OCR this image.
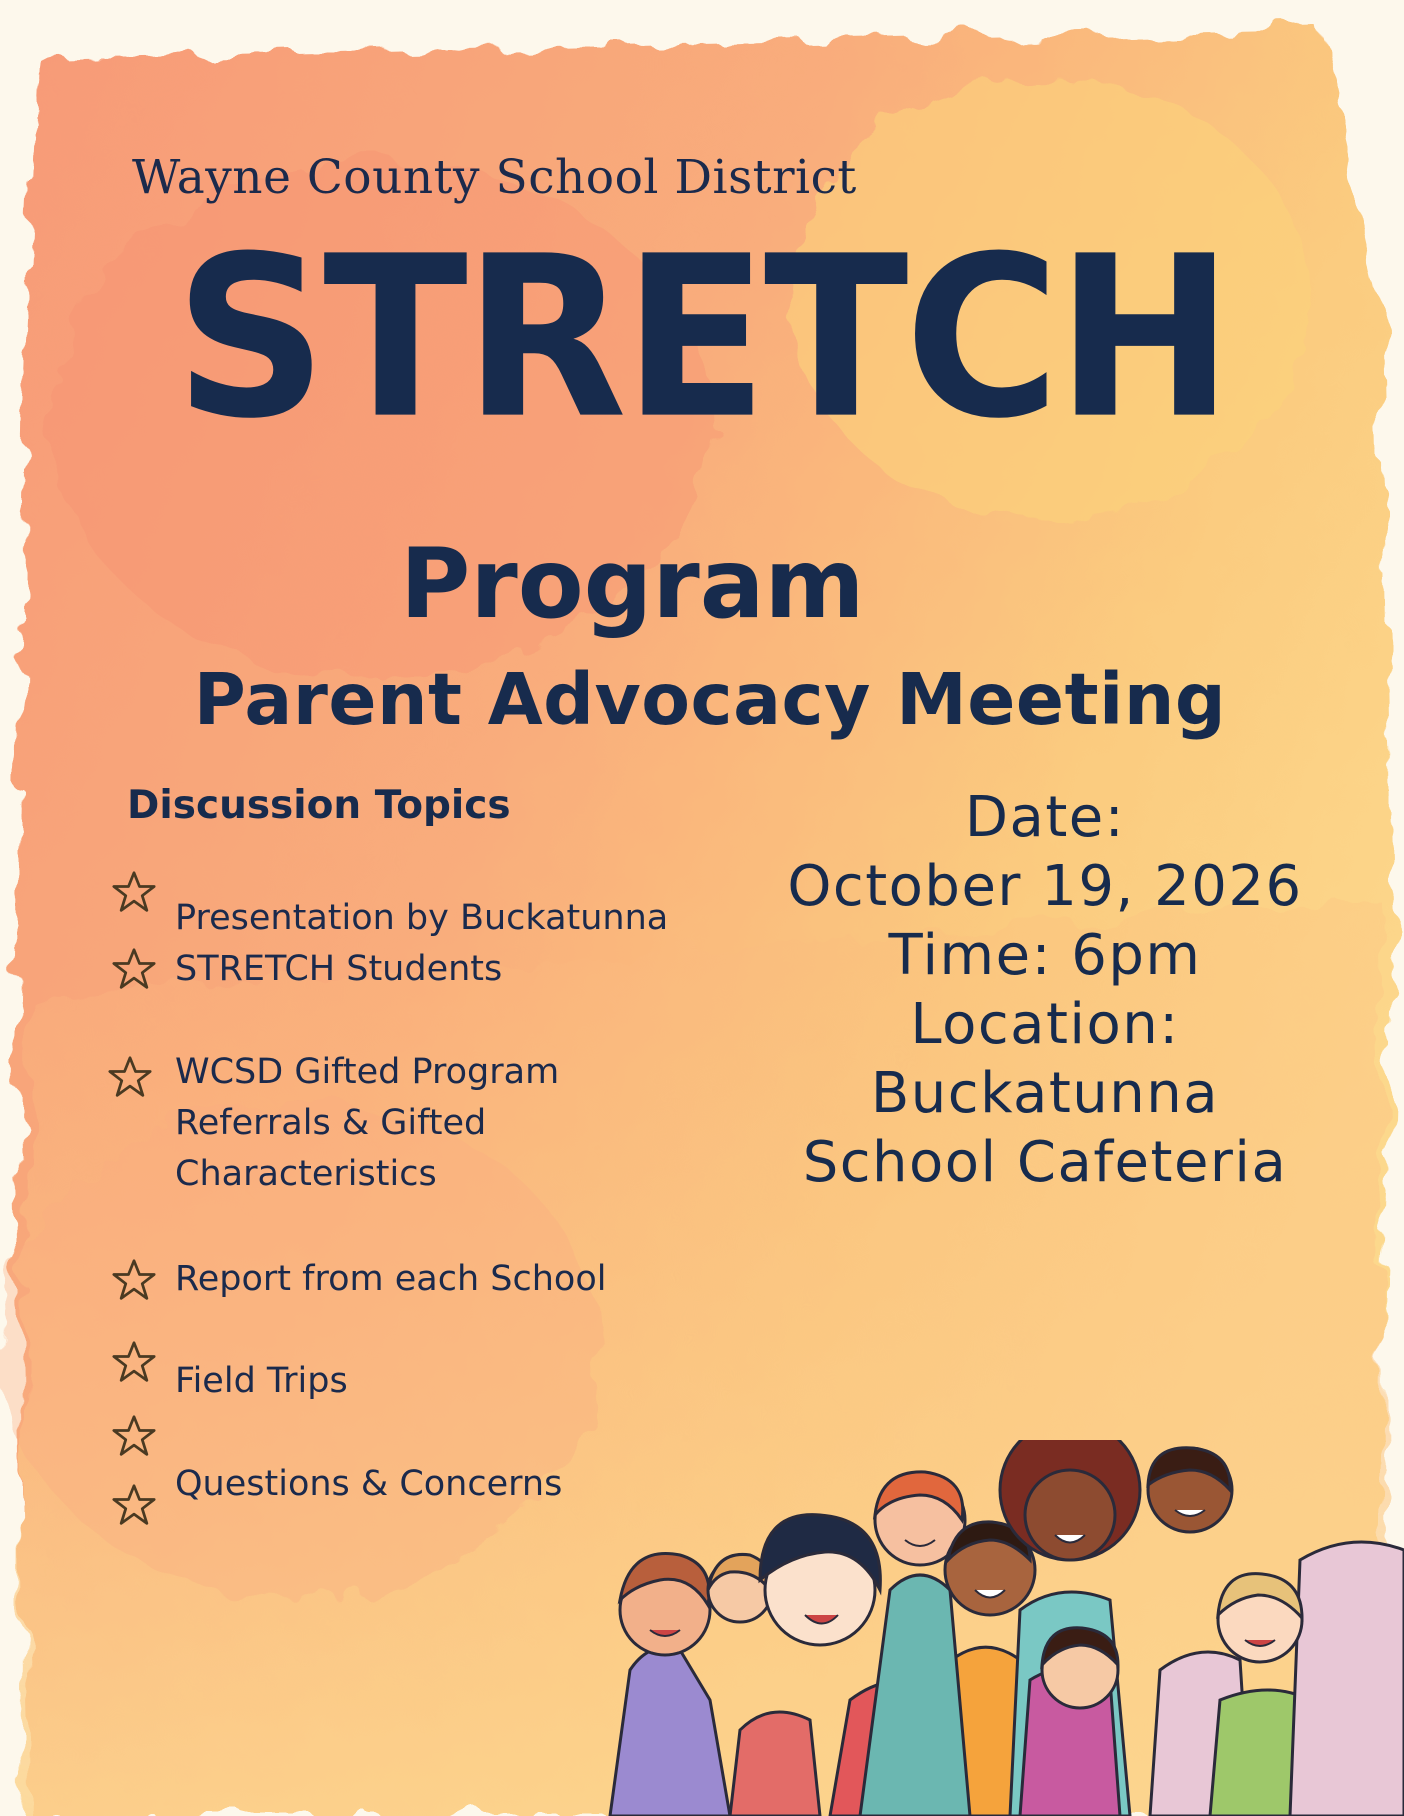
Wayne County School District
STRETCH
Program
Parent Advocacy Meeting
Discussion Topics
Presentation by Buckatunna
STRETCH Students
WCSD Gifted Program
Referrals & Gifted
Characteristics
Report from each School
Field Trips
Questions & Concerns
Date:
October 19, 2026
Time: 6pm
Location:
Buckatunna
School Cafeteria
